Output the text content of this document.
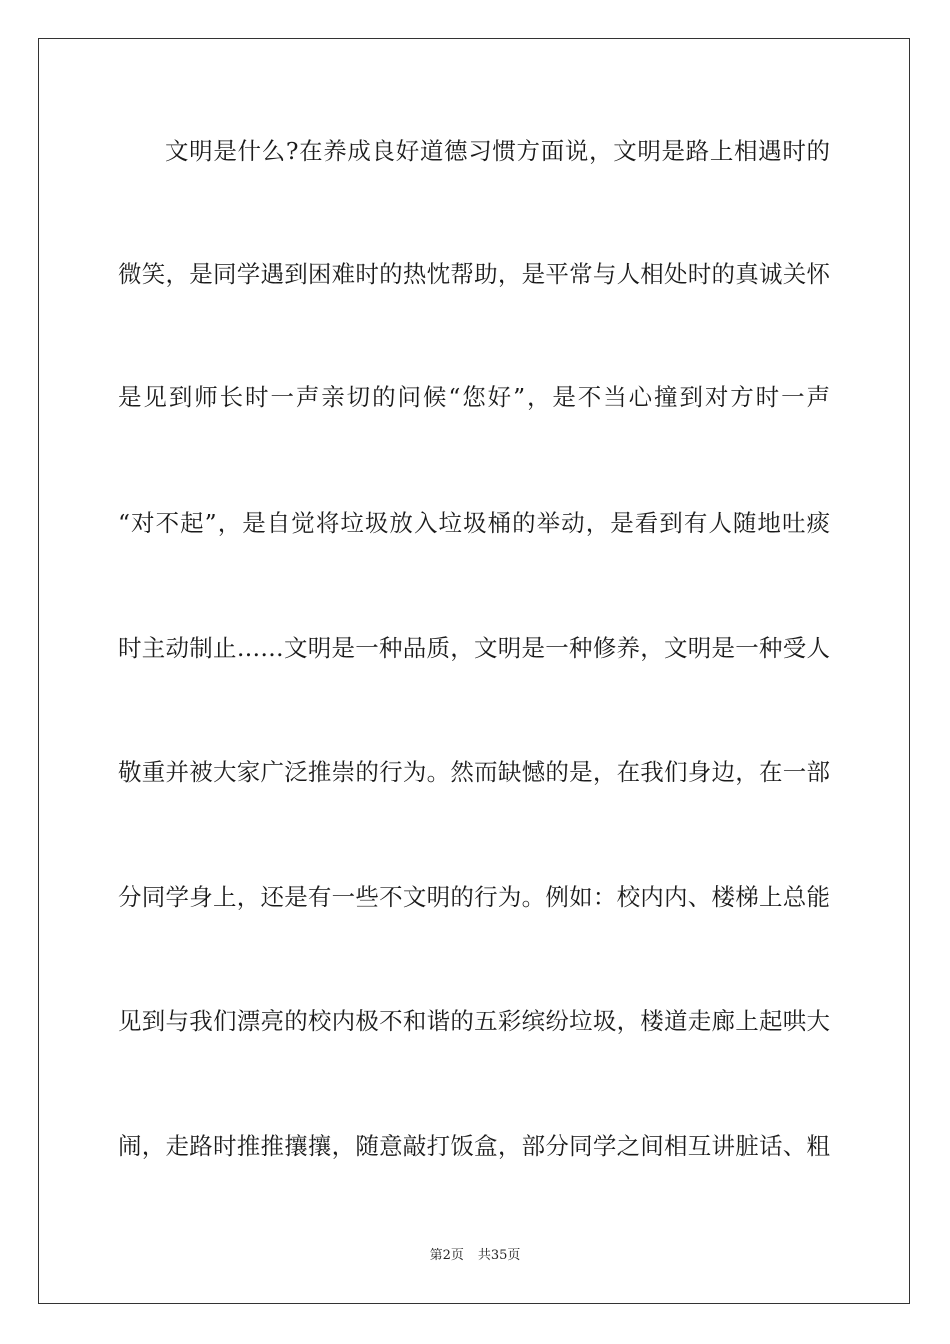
文明是什么?在养成良好道德习惯方面说，文明是路上相遇时的
微笑，是同学遇到困难时的热忱帮助，是平常与人相处时的真诚关怀
是见到师长时一声亲切的问候“您好”，是不当心撞到对方时一声
“对不起”，是自觉将垃圾放入垃圾桶的举动，是看到有人随地吐痰
时主动制止……文明是一种品质，文明是一种修养，文明是一种受人
敬重并被大家广泛推崇的行为。然而缺憾的是，在我们身边，在一部
分同学身上，还是有一些不文明的行为。例如：校内内、楼梯上总能
见到与我们漂亮的校内极不和谐的五彩缤纷垃圾，楼道走廊上起哄大
闹，走路时推推攘攘，随意敲打饭盒，部分同学之间相互讲脏话、粗
第2页 共35页
